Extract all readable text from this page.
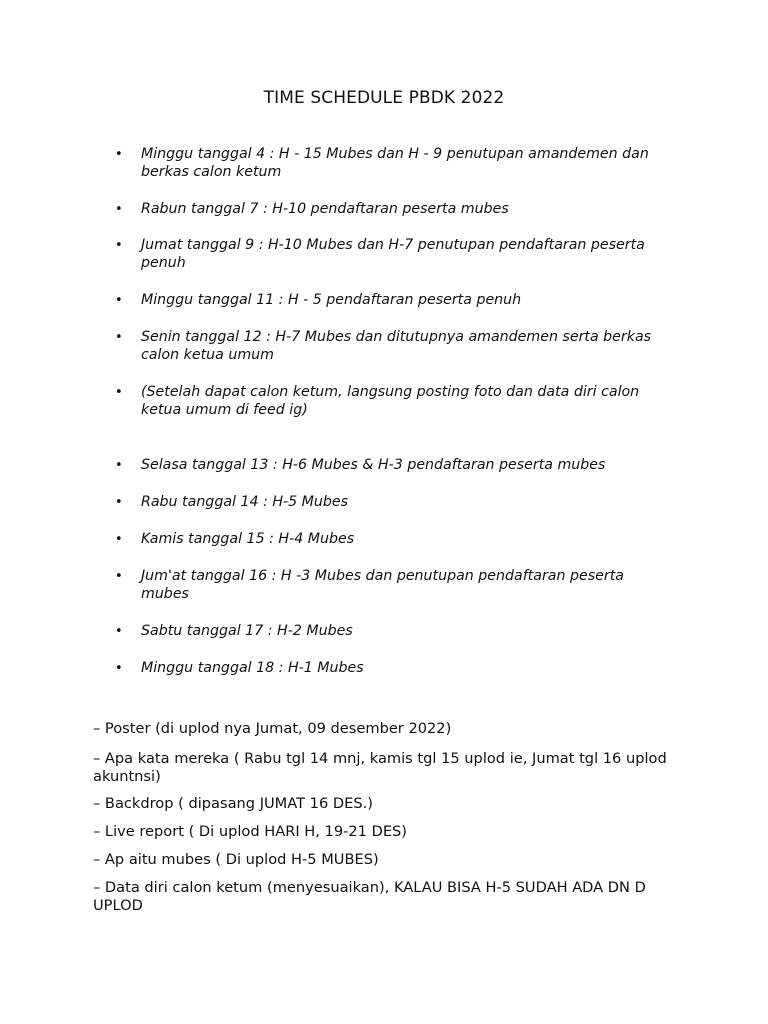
TIME SCHEDULE PBDK 2022
•	Minggu tanggal 4 : H - 15 Mubes dan H - 9 penutupan amandemen dan berkas calon ketum
•	Rabun tanggal 7 : H-10 pendaftaran peserta mubes
•	Jumat tanggal 9 : H-10 Mubes dan H-7 penutupan pendaftaran peserta penuh
•	Minggu tanggal 11 : H - 5 pendaftaran peserta penuh
•	Senin tanggal 12 : H-7 Mubes dan ditutupnya amandemen serta berkas calon ketua umum
•	(Setelah dapat calon ketum, langsung posting foto dan data diri calon ketua umum di feed ig)
•	Selasa tanggal 13 : H-6 Mubes & H-3 pendaftaran peserta mubes
•	Rabu tanggal 14 : H-5 Mubes
•	Kamis tanggal 15 : H-4 Mubes
•	Jum'at tanggal 16 : H -3 Mubes dan penutupan pendaftaran peserta mubes
•	Sabtu tanggal 17 : H-2 Mubes
•	Minggu tanggal 18 : H-1 Mubes
– Poster (di uplod nya Jumat, 09 desember 2022)
– Apa kata mereka ( Rabu tgl 14 mnj, kamis tgl 15 uplod ie, Jumat tgl 16 uplod akuntnsi)
– Backdrop ( dipasang JUMAT 16 DES.)
– Live report ( Di uplod HARI H, 19-21 DES)
– Ap aitu mubes ( Di uplod H-5 MUBES)
– Data diri calon ketum (menyesuaikan), KALAU BISA H-5 SUDAH ADA DN D UPLOD
